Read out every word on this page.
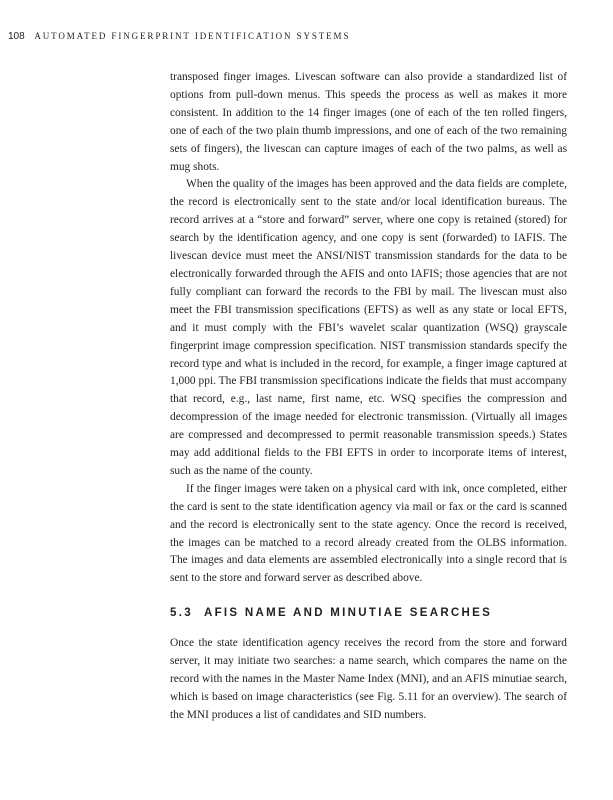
108 AUTOMATED FINGERPRINT IDENTIFICATION SYSTEMS

transposed finger images. Livescan software can also provide a standardized list of options from pull-down menus. This speeds the process as well as makes it more consistent. In addition to the 14 finger images (one of each of the ten rolled fingers, one of each of the two plain thumb impressions, and one of each of the two remaining sets of fingers), the livescan can capture images of each of the two palms, as well as mug shots.

When the quality of the images has been approved and the data fields are complete, the record is electronically sent to the state and/or local identification bureaus. The record arrives at a “store and forward” server, where one copy is retained (stored) for search by the identification agency, and one copy is sent (forwarded) to IAFIS. The livescan device must meet the ANSI/NIST transmission standards for the data to be electronically forwarded through the AFIS and onto IAFIS; those agencies that are not fully compliant can forward the records to the FBI by mail. The livescan must also meet the FBI transmission specifications (EFTS) as well as any state or local EFTS, and it must comply with the FBI’s wavelet scalar quantization (WSQ) grayscale fingerprint image compression specification. NIST transmission standards specify the record type and what is included in the record, for example, a finger image captured at 1,000 ppi. The FBI transmission specifications indicate the fields that must accompany that record, e.g., last name, first name, etc. WSQ specifies the compression and decompression of the image needed for electronic transmission. (Virtually all images are compressed and decompressed to permit reasonable transmission speeds.) States may add additional fields to the FBI EFTS in order to incorporate items of interest, such as the name of the county.

If the finger images were taken on a physical card with ink, once completed, either the card is sent to the state identification agency via mail or fax or the card is scanned and the record is electronically sent to the state agency. Once the record is received, the images can be matched to a record already created from the OLBS information. The images and data elements are assembled electronically into a single record that is sent to the store and forward server as described above.

5.3 AFIS NAME AND MINUTIAE SEARCHES

Once the state identification agency receives the record from the store and forward server, it may initiate two searches: a name search, which compares the name on the record with the names in the Master Name Index (MNI), and an AFIS minutiae search, which is based on image characteristics (see Fig. 5.11 for an overview). The search of the MNI produces a list of candidates and SID numbers.
